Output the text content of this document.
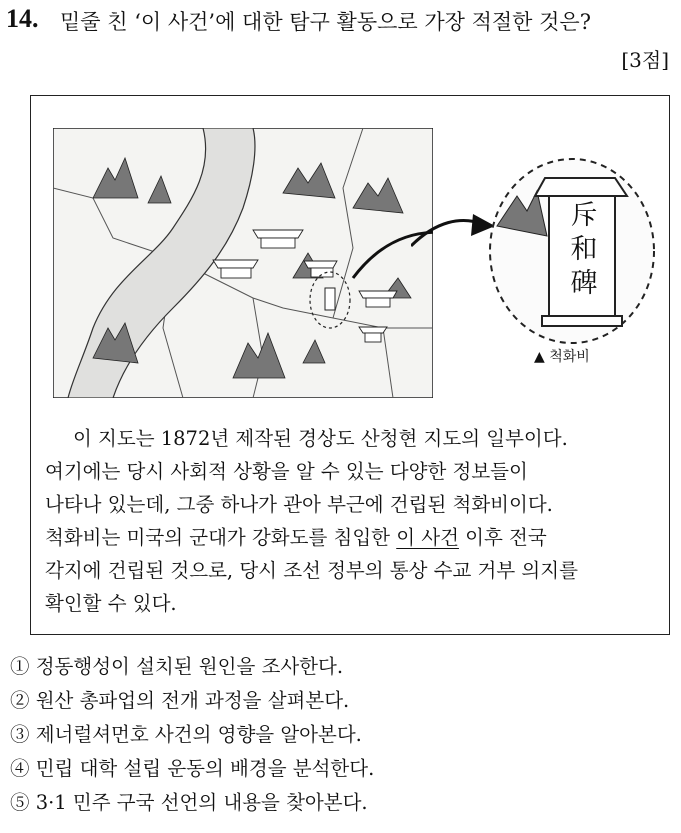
14. 밑줄 친 ‘이 사건’에 대한 탐구 활동으로 가장 적절한 것은?
[3점]
斥
和
碑
▲ 척화비
이 지도는 1872년 제작된 경상도 산청현 지도의 일부이다.
여기에는 당시 사회적 상황을 알 수 있는 다양한 정보들이
나타나 있는데, 그중 하나가 관아 부근에 건립된 척화비이다.
척화비는 미국의 군대가 강화도를 침입한 이 사건 이후 전국
각지에 건립된 것으로, 당시 조선 정부의 통상 수교 거부 의지를
확인할 수 있다.
① 정동행성이 설치된 원인을 조사한다.
② 원산 총파업의 전개 과정을 살펴본다.
③ 제너럴셔먼호 사건의 영향을 알아본다.
④ 민립 대학 설립 운동의 배경을 분석한다.
⑤ 3·1 민주 구국 선언의 내용을 찾아본다.
